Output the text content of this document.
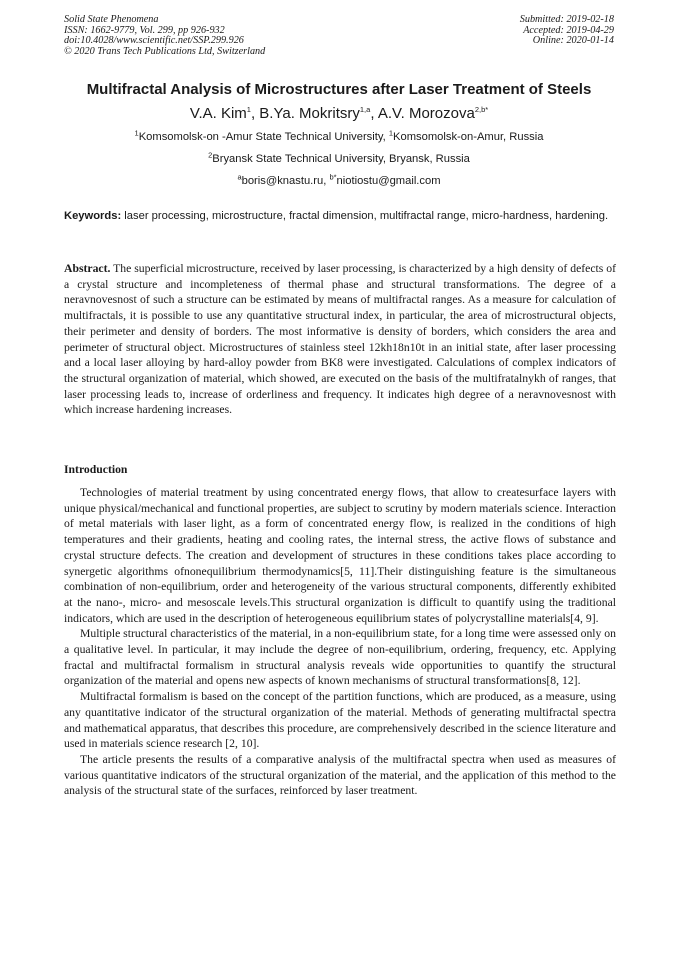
Solid State Phenomena
ISSN: 1662-9779, Vol. 299, pp 926-932
doi:10.4028/www.scientific.net/SSP.299.926
© 2020 Trans Tech Publications Ltd, Switzerland
Submitted: 2019-02-18
Accepted: 2019-04-29
Online: 2020-01-14
Multifractal Analysis of Microstructures after Laser Treatment of Steels
V.A. Kim$^1$, B.Ya. Mokritsry$^{1,a}$, A.V. Morozova$^{2,b*}$
$^1$Komsomolsk-on -Amur State Technical University, $^1$Komsomolsk-on-Amur, Russia
$^2$Bryansk State Technical University, Bryansk, Russia
$^a$boris@knastu.ru, $^{b*}$niotiostu@gmail.com
Keywords: laser processing, microstructure, fractal dimension, multifractal range, micro-hardness, hardening.
Abstract. The superficial microstructure, received by laser processing, is characterized by a high density of defects of a crystal structure and incompleteness of thermal phase and structural transformations. The degree of a neravnovesnost of such a structure can be estimated by means of multifractal ranges. As a measure for calculation of multifractals, it is possible to use any quantitative structural index, in particular, the area of microstructural objects, their perimeter and density of borders. The most informative is density of borders, which considers the area and perimeter of structural object. Microstructures of stainless steel 12kh18n10t in an initial state, after laser processing and a local laser alloying by hard-alloy powder from BK8 were investigated. Calculations of complex indicators of the structural organization of material, which showed, are executed on the basis of the multifratalnykh of ranges, that laser processing leads to, increase of orderliness and frequency. It indicates high degree of a neravnovesnost with which increase hardening increases.
Introduction

Technologies of material treatment by using concentrated energy flows, that allow to createsurface layers with unique physical/mechanical and functional properties, are subject to scrutiny by modern materials science. Interaction of metal materials with laser light, as a form of concentrated energy flow, is realized in the conditions of high temperatures and their gradients, heating and cooling rates, the internal stress, the active flows of substance and crystal structure defects. The creation and development of structures in these conditions takes place according to synergetic algorithms ofnonequilibrium thermodynamics[5, 11].Their distinguishing feature is the simultaneous combination of non-equilibrium, order and heterogeneity of the various structural components, differently exhibited at the nano-, micro- and mesoscale levels.This structural organization is difficult to quantify using the traditional indicators, which are used in the description of heterogeneous equilibrium states of polycrystalline materials[4, 9].

Multiple structural characteristics of the material, in a non-equilibrium state, for a long time were assessed only on a qualitative level. In particular, it may include the degree of non-equilibrium, ordering, frequency, etc. Applying fractal and multifractal formalism in structural analysis reveals wide opportunities to quantify the structural organization of the material and opens new aspects of known mechanisms of structural transformations[8, 12].

Multifractal formalism is based on the concept of the partition functions, which are produced, as a measure, using any quantitative indicator of the structural organization of the material. Methods of generating multifractal spectra and mathematical apparatus, that describes this procedure, are comprehensively described in the science literature and used in materials science research [2, 10].

The article presents the results of a comparative analysis of the multifractal spectra when used as measures of various quantitative indicators of the structural organization of the material, and the application of this method to the analysis of the structural state of the surfaces, reinforced by laser treatment.
